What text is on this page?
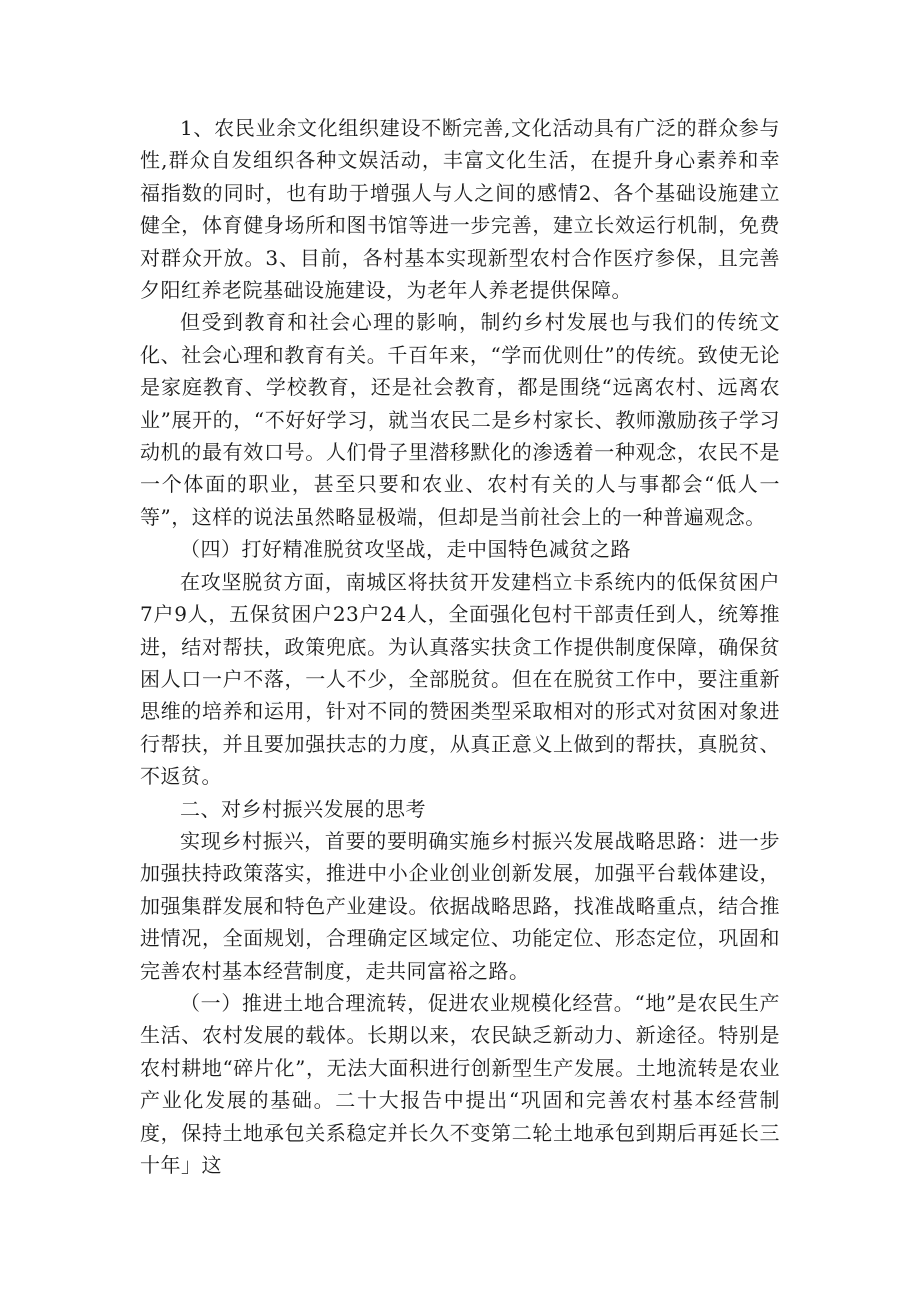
1、农民业余文化组织建设不断完善,文化活动具有广泛的群众参与性,群众自发组织各种文娱活动，丰富文化生活，在提升身心素养和幸福指数的同时，也有助于增强人与人之间的感情2、各个基础设施建立健全，体育健身场所和图书馆等进一步完善，建立长效运行机制，免费对群众开放。3、目前，各村基本实现新型农村合作医疗参保，且完善夕阳红养老院基础设施建设，为老年人养老提供保障。

但受到教育和社会心理的影响，制约乡村发展也与我们的传统文化、社会心理和教育有关。千百年来，“学而优则仕”的传统。致使无论是家庭教育、学校教育，还是社会教育，都是围绕“远离农村、远离农业”展开的，“不好好学习，就当农民二是乡村家长、教师激励孩子学习动机的最有效口号。人们骨子里潜移默化的渗透着一种观念，农民不是一个体面的职业，甚至只要和农业、农村有关的人与事都会“低人一等”，这样的说法虽然略显极端，但却是当前社会上的一种普遍观念。

（四）打好精准脱贫攻坚战，走中国特色减贫之路

在攻坚脱贫方面，南城区将扶贫开发建档立卡系统内的低保贫困户7户9人，五保贫困户23户24人，全面强化包村干部责任到人，统筹推进，结对帮扶，政策兜底。为认真落实扶贪工作提供制度保障，确保贫困人口一户不落，一人不少，全部脱贫。但在在脱贫工作中，要注重新思维的培养和运用，针对不同的赞困类型采取相对的形式对贫困对象进行帮扶，并且要加强扶志的力度，从真正意义上做到的帮扶，真脱贫、不返贫。

二、对乡村振兴发展的思考

实现乡村振兴，首要的要明确实施乡村振兴发展战略思路：进一步加强扶持政策落实，推进中小企业创业创新发展，加强平台载体建设，加强集群发展和特色产业建设。依据战略思路，找准战略重点，结合推进情况，全面规划，合理确定区域定位、功能定位、形态定位，巩固和完善农村基本经营制度，走共同富裕之路。

（一）推进土地合理流转，促进农业规模化经营。“地”是农民生产生活、农村发展的载体。长期以来，农民缺乏新动力、新途径。特别是农村耕地“碎片化”，无法大面积进行创新型生产发展。土地流转是农业产业化发展的基础。二十大报告中提出“巩固和完善农村基本经营制度，保持土地承包关系稳定并长久不变第二轮土地承包到期后再延长三十年」这
